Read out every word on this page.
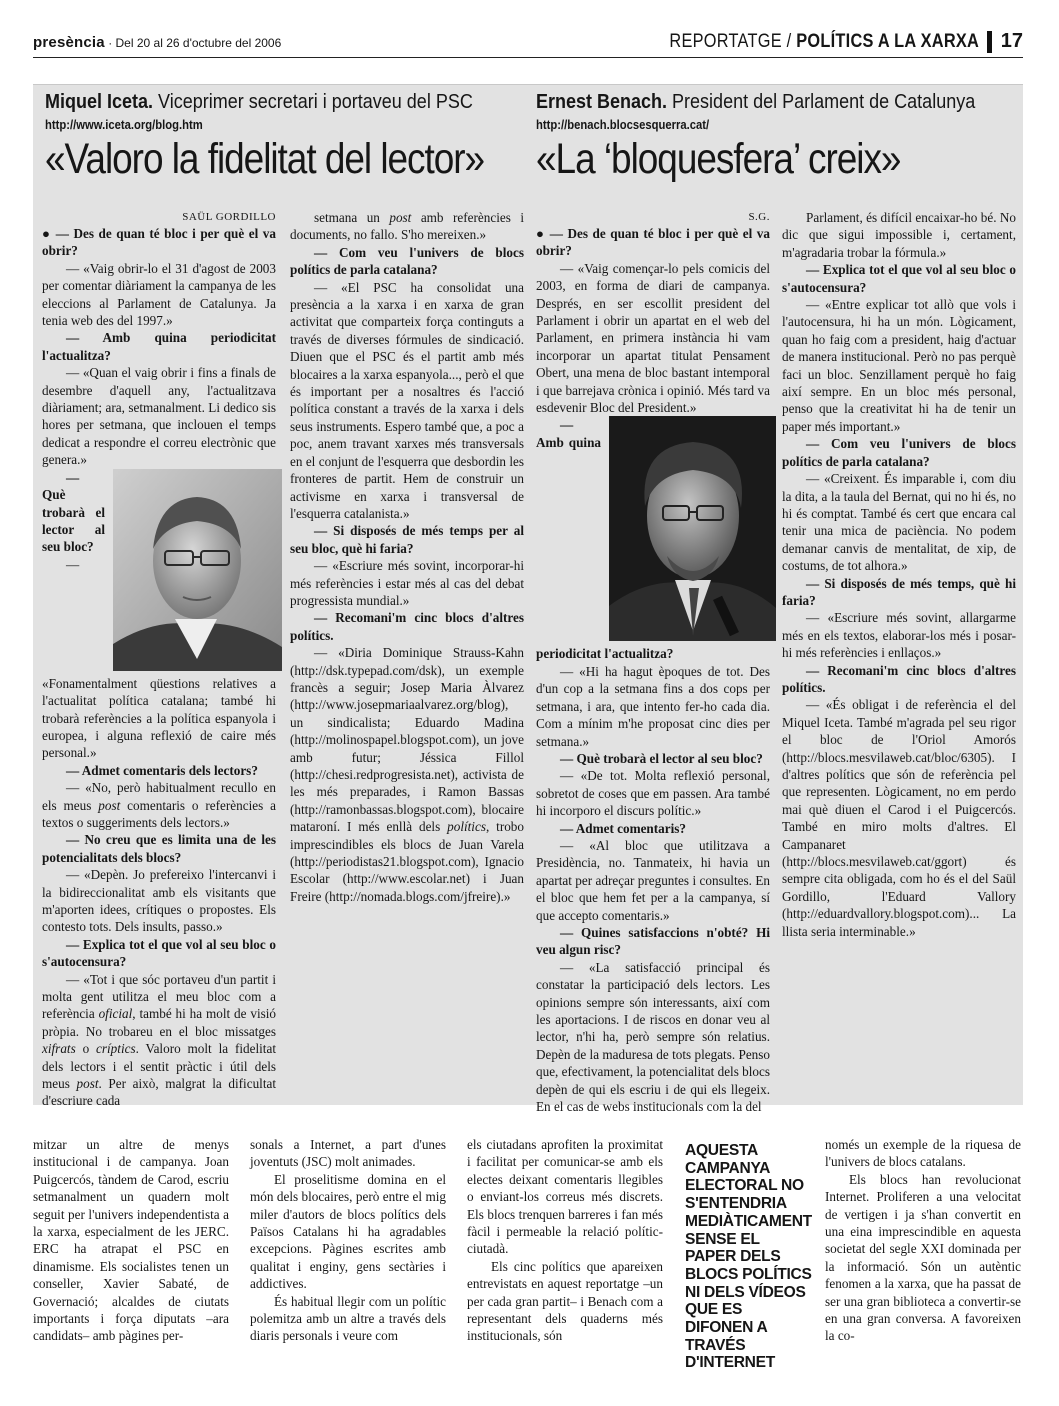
presència · Del 20 al 26 d'octubre del 2006	REPORTATGE / POLÍTICS A LA XARXA 17
Miquel Iceta. Viceprimer secretari i portaveu del PSC
http://www.iceta.org/blog.htm
«Valoro la fidelitat del lector»
Ernest Benach. President del Parlament de Catalunya
http://benach.blocsesquerra.cat/
«La ‘bloquesfera’ creix»

SAÜL GORDILLO

● — Des de quan té bloc i per què el va obrir?

— «Vaig obrir-lo el 31 d'agost de 2003 per comentar diàriament la campanya de les eleccions al Parlament de Catalunya. Ja tenia web des del 1997.»

— Amb quina periodicitat l'actualitza?

— «Quan el vaig obrir i fins a finals de desembre d'aquell any, l'actualitzava diàriament; ara, setmanalment. Li dedico sis hores per setmana, que inclouen el temps dedicat a respondre el correu electrònic que genera.»

— Què trobarà el lector al seu bloc?

— «Fonamentalment qüestions relatives a l'actualitat política catalana; també hi trobarà referències a la política espanyola i europea, i alguna reflexió de caire més personal.»

— Admet comentaris dels lectors?

— «No, però habitualment recullo en els meus post comentaris o referències a textos o suggeriments dels lectors.»

— No creu que es limita una de les potencialitats dels blocs?

— «Depèn. Jo prefereixo l'intercanvi i la bidireccionalitat amb els visitants que m'aporten idees, crítiques o propostes. Els contesto tots. Dels insults, passo.»

— Explica tot el que vol al seu bloc o s'autocensura?

— «Tot i que sóc portaveu d'un partit i molta gent utilitza el meu bloc com a referència oficial, també hi ha molt de visió pròpia. No trobareu en el bloc missatges xifrats o críptics. Valoro molt la fidelitat dels lectors i el sentit pràctic i útil dels meus post. Per això, malgrat la dificultat d'escriure cada

setmana un post amb referències i documents, no fallo. S'ho mereixen.»

— Com veu l'univers de blocs polítics de parla catalana?

— «El PSC ha consolidat una presència a la xarxa i en xarxa de gran activitat que comparteix força continguts a través de diverses fórmules de sindicació. Diuen que el PSC és el partit amb més blocaires a la xarxa espanyola..., però el que és important per a nosaltres és l'acció política constant a través de la xarxa i dels seus instruments. Espero també que, a poc a poc, anem travant xarxes més transversals en el conjunt de l'esquerra que desbordin les fronteres de partit. Hem de construir un activisme en xarxa i transversal de l'esquerra catalanista.»

— Si disposés de més temps per al seu bloc, què hi faria?

— «Escriure més sovint, incorporar-hi més referències i estar més al cas del debat progressista mundial.»

— Recomani'm cinc blocs d'altres polítics.

— «Diria Dominique Strauss-Kahn (http://dsk.typepad.com/dsk), un exemple francès a seguir; Josep Maria Àlvarez (http://www.josepmariaalvarez.org/blog), un sindicalista; Eduardo Madina (http://molinospapel.blogspot.com), un jove amb futur; Jéssica Fillol (http://chesi.redprogresista.net), activista de les més preparades, i Ramon Bassas (http://ramonbassas.blogspot.com), blocaire mataroní. I més enllà dels polítics, trobo imprescindibles els blocs de Juan Varela (http://periodistas21.blogspot.com), Ignacio Escolar (http://www.escolar.net) i Juan Freire (http://nomada.blogs.com/jfreire).»

S.G.

● — Des de quan té bloc i per què el va obrir?

— «Vaig començar-lo pels comicis del 2003, en forma de diari de campanya. Després, en ser escollit president del Parlament i obrir un apartat en el web del Parlament, en primera instància hi vam incorporar un apartat titulat Pensament Obert, una mena de bloc bastant intemporal i que barrejava crònica i opinió. Més tard va esdevenir Bloc del President.»

— Amb quina periodicitat l'actualitza?

— «Hi ha hagut èpoques de tot. Des d'un cop a la setmana fins a dos cops per setmana, i ara, que intento fer-ho cada dia. Com a mínim m'he proposat cinc dies per setmana.»

— Què trobarà el lector al seu bloc?

— «De tot. Molta reflexió personal, sobretot de coses que em passen. Ara també hi incorporo el discurs polític.»

— Admet comentaris?

— «Al bloc que utilitzava a Presidència, no. Tanmateix, hi havia un apartat per adreçar preguntes i consultes. En el bloc que hem fet per a la campanya, sí que accepto comentaris.»

— Quines satisfaccions n'obté? Hi veu algun risc?

— «La satisfacció principal és constatar la participació dels lectors. Les opinions sempre són interessants, així com les aportacions. I de riscos en donar veu al lector, n'hi ha, però sempre són relatius. Depèn de la maduresa de tots plegats. Penso que, efectivament, la potencialitat dels blocs depèn de qui els escriu i de qui els llegeix. En el cas de webs institucionals com la del

Parlament, és difícil encaixar-ho bé. No dic que sigui impossible i, certament, m'agradaria trobar la fórmula.»

— Explica tot el que vol al seu bloc o s'autocensura?

— «Entre explicar tot allò que vols i l'autocensura, hi ha un món. Lògicament, quan ho faig com a president, haig d'actuar de manera institucional. Però no pas perquè faci un bloc. Senzillament perquè ho faig així sempre. En un bloc més personal, penso que la creativitat hi ha de tenir un paper més important.»

— Com veu l'univers de blocs polítics de parla catalana?

— «Creixent. És imparable i, com diu la dita, a la taula del Bernat, qui no hi és, no hi és comptat. També és cert que encara cal tenir una mica de paciència. No podem demanar canvis de mentalitat, de xip, de costums, de tot alhora.»

— Si disposés de més temps, què hi faria?

— «Escriure més sovint, allargarme més en els textos, elaborar-los més i posar-hi més referències i enllaços.»

— Recomani'm cinc blocs d'altres polítics.

— «És obligat i de referència el del Miquel Iceta. També m'agrada pel seu rigor el bloc de l'Oriol Amorós (http://blocs.mesvilaweb.cat/bloc/6305). I d'altres polítics que són de referència pel que representen. Lògicament, no em perdo mai què diuen el Carod i el Puigcercós. També en miro molts d'altres. El Campanaret (http://blocs.mesvilaweb.cat/ggort) és sempre cita obligada, com ho és el del Saül Gordillo, l'Eduard Vallory (http://eduardvallory.blogspot.com)... La llista seria interminable.»

mitzar un altre de menys institucional i de campanya. Joan Puigcercós, tàndem de Carod, escriu setmanalment un quadern molt seguit per l'univers independentista a la xarxa, especialment de les JERC. ERC ha atrapat el PSC en dinamisme. Els socialistes tenen un conseller, Xavier Sabaté, de Governació; alcaldes de ciutats importants i força diputats –ara candidats– amb pàgines per-

sonals a Internet, a part d'unes joventuts (JSC) molt animades.

El proselitisme domina en el món dels blocaires, però entre el mig miler d'autors de blocs polítics dels Països Catalans hi ha agradables excepcions. Pàgines escrites amb qualitat i enginy, gens sectàries i addictives.

És habitual llegir com un polític polemitza amb un altre a través dels diaris personals i veure com

els ciutadans aprofiten la proximitat i facilitat per comunicar-se amb els electes deixant comentaris llegibles o enviant-los correus més discrets. Els blocs trenquen barreres i fan més fàcil i permeable la relació polític-ciutadà.

Els cinc polítics que apareixen entrevistats en aquest reportatge –un per cada gran partit– i Benach com a representant dels quaderns més institucionals, són

AQUESTA CAMPANYA ELECTORAL NO S'ENTENDRIA MEDIÀTICAMENT SENSE EL PAPER DELS BLOCS POLÍTICS NI DELS VÍDEOS QUE ES DIFONEN A TRAVÉS D'INTERNET

només un exemple de la riquesa de l'univers de blocs catalans.

Els blocs han revolucionat Internet. Proliferen a una velocitat de vertigen i ja s'han convertit en una eina imprescindible en aquesta societat del segle XXI dominada per la informació. Són un autèntic fenomen a la xarxa, que ha passat de ser una gran biblioteca a convertir-se en una gran conversa. A favoreixen la co-
